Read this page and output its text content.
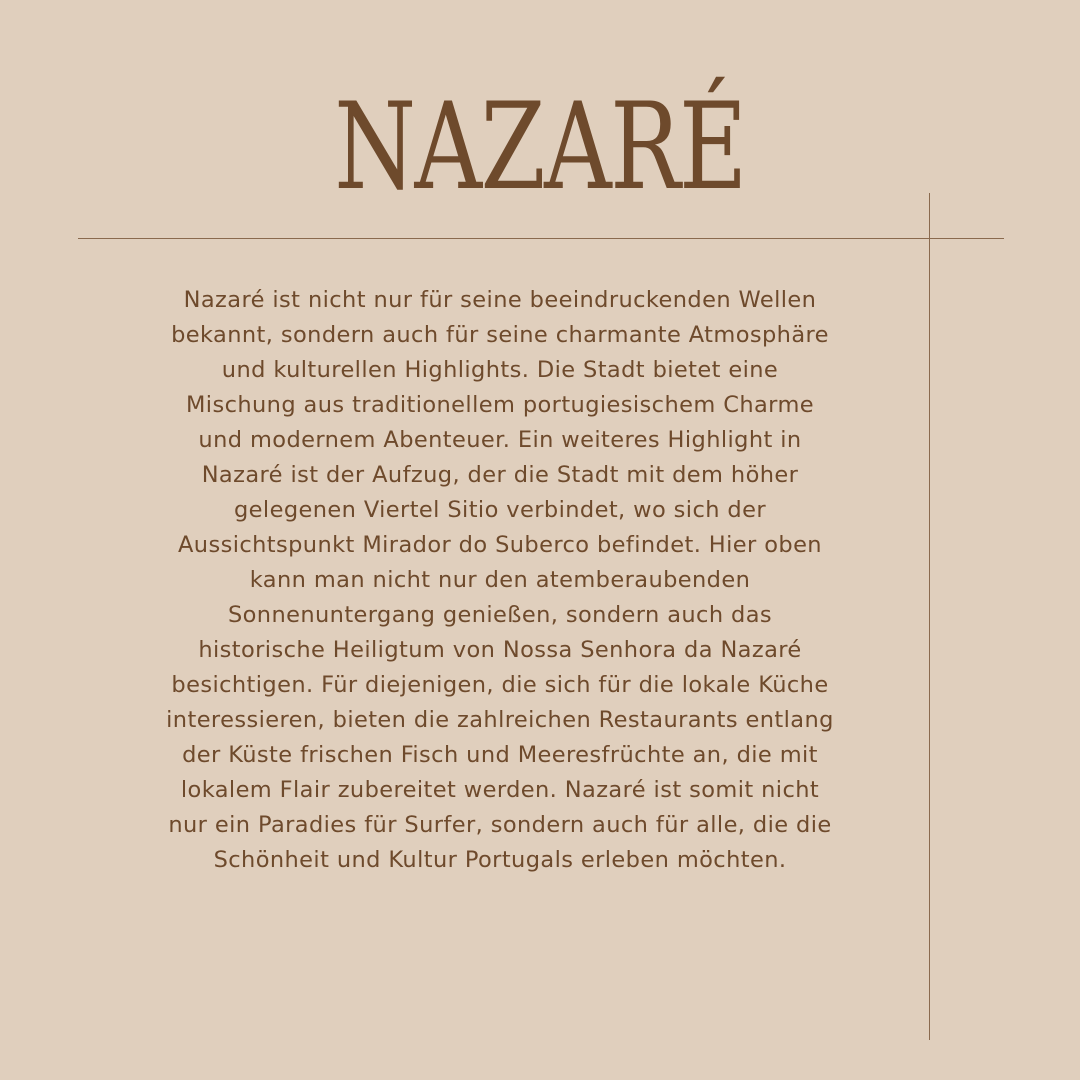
NAZARÉ

Nazaré ist nicht nur für seine beeindruckenden Wellen
bekannt, sondern auch für seine charmante Atmosphäre
und kulturellen Highlights. Die Stadt bietet eine
Mischung aus traditionellem portugiesischem Charme
und modernem Abenteuer. Ein weiteres Highlight in
Nazaré ist der Aufzug, der die Stadt mit dem höher
gelegenen Viertel Sitio verbindet, wo sich der
Aussichtspunkt Mirador do Suberco befindet. Hier oben
kann man nicht nur den atemberaubenden
Sonnenuntergang genießen, sondern auch das
historische Heiligtum von Nossa Senhora da Nazaré
besichtigen. Für diejenigen, die sich für die lokale Küche
interessieren, bieten die zahlreichen Restaurants entlang
der Küste frischen Fisch und Meeresfrüchte an, die mit
lokalem Flair zubereitet werden. Nazaré ist somit nicht
nur ein Paradies für Surfer, sondern auch für alle, die die
Schönheit und Kultur Portugals erleben möchten.
